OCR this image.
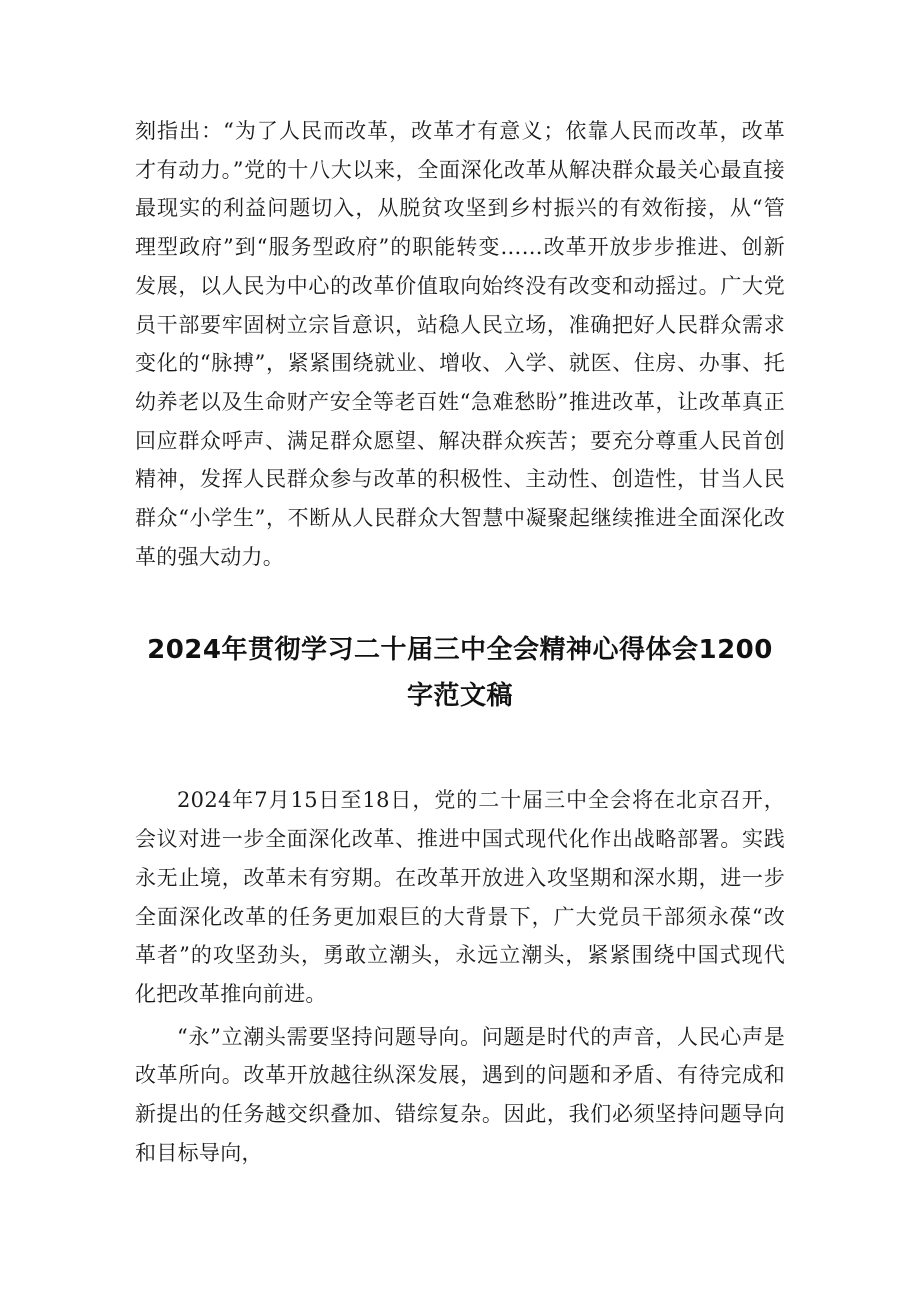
刻指出：“为了人民而改革，改革才有意义；依靠人民而改革，改革才有动力。”党的十八大以来，全面深化改革从解决群众最关心最直接最现实的利益问题切入，从脱贫攻坚到乡村振兴的有效衔接，从“管理型政府”到“服务型政府”的职能转变……改革开放步步推进、创新发展，以人民为中心的改革价值取向始终没有改变和动摇过。广大党员干部要牢固树立宗旨意识，站稳人民立场，准确把好人民群众需求变化的“脉搏”，紧紧围绕就业、增收、入学、就医、住房、办事、托幼养老以及生命财产安全等老百姓“急难愁盼”推进改革，让改革真正回应群众呼声、满足群众愿望、解决群众疾苦；要充分尊重人民首创精神，发挥人民群众参与改革的积极性、主动性、创造性，甘当人民群众“小学生”，不断从人民群众大智慧中凝聚起继续推进全面深化改革的强大动力。

2024年贯彻学习二十届三中全会精神心得体会1200字范文稿

2024年7月15日至18日，党的二十届三中全会将在北京召开，会议对进一步全面深化改革、推进中国式现代化作出战略部署。实践永无止境，改革未有穷期。在改革开放进入攻坚期和深水期，进一步全面深化改革的任务更加艰巨的大背景下，广大党员干部须永葆“改革者”的攻坚劲头，勇敢立潮头，永远立潮头，紧紧围绕中国式现代化把改革推向前进。

“永”立潮头需要坚持问题导向。问题是时代的声音，人民心声是改革所向。改革开放越往纵深发展，遇到的问题和矛盾、有待完成和新提出的任务越交织叠加、错综复杂。因此，我们必须坚持问题导向和目标导向，
